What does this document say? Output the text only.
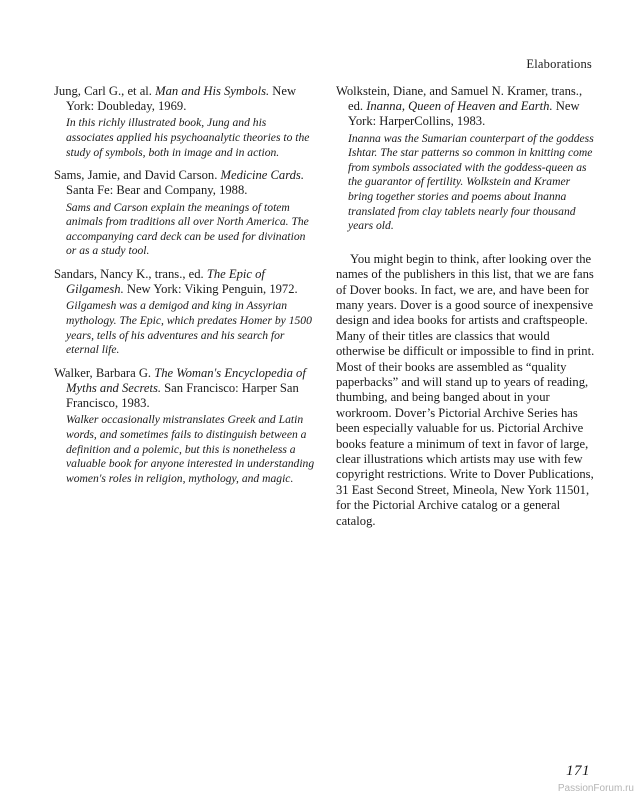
Elaborations
Jung, Carl G., et al. Man and His Symbols. New York: Doubleday, 1969.
In this richly illustrated book, Jung and his associates applied his psychoanalytic theories to the study of symbols, both in image and in action.
Sams, Jamie, and David Carson. Medicine Cards. Santa Fe: Bear and Company, 1988.
Sams and Carson explain the meanings of totem animals from traditions all over North America. The accompanying card deck can be used for divination or as a study tool.
Sandars, Nancy K., trans., ed. The Epic of Gilgamesh. New York: Viking Penguin, 1972.
Gilgamesh was a demigod and king in Assyrian mythology. The Epic, which predates Homer by 1500 years, tells of his adventures and his search for eternal life.
Walker, Barbara G. The Woman's Encyclopedia of Myths and Secrets. San Francisco: Harper San Francisco, 1983.
Walker occasionally mistranslates Greek and Latin words, and sometimes fails to distinguish between a definition and a polemic, but this is nonetheless a valuable book for anyone interested in understanding women's roles in religion, mythology, and magic.
Wolkstein, Diane, and Samuel N. Kramer, trans., ed. Inanna, Queen of Heaven and Earth. New York: HarperCollins, 1983.
Inanna was the Sumarian counterpart of the goddess Ishtar. The star patterns so common in knitting come from symbols associated with the goddess-queen as the guarantor of fertility. Wolkstein and Kramer bring together stories and poems about Inanna translated from clay tablets nearly four thousand years old.
You might begin to think, after looking over the names of the publishers in this list, that we are fans of Dover books. In fact, we are, and have been for many years. Dover is a good source of inexpensive design and idea books for artists and craftspeople. Many of their titles are classics that would otherwise be difficult or impossible to find in print. Most of their books are assembled as “quality paperbacks” and will stand up to years of reading, thumbing, and being banged about in your workroom. Dover’s Pictorial Archive Series has been especially valuable for us. Pictorial Archive books feature a minimum of text in favor of large, clear illustrations which artists may use with few copyright restrictions. Write to Dover Publications, 31 East Second Street, Mineola, New York 11501, for the Pictorial Archive catalog or a general catalog.
171
PassionForum.ru
